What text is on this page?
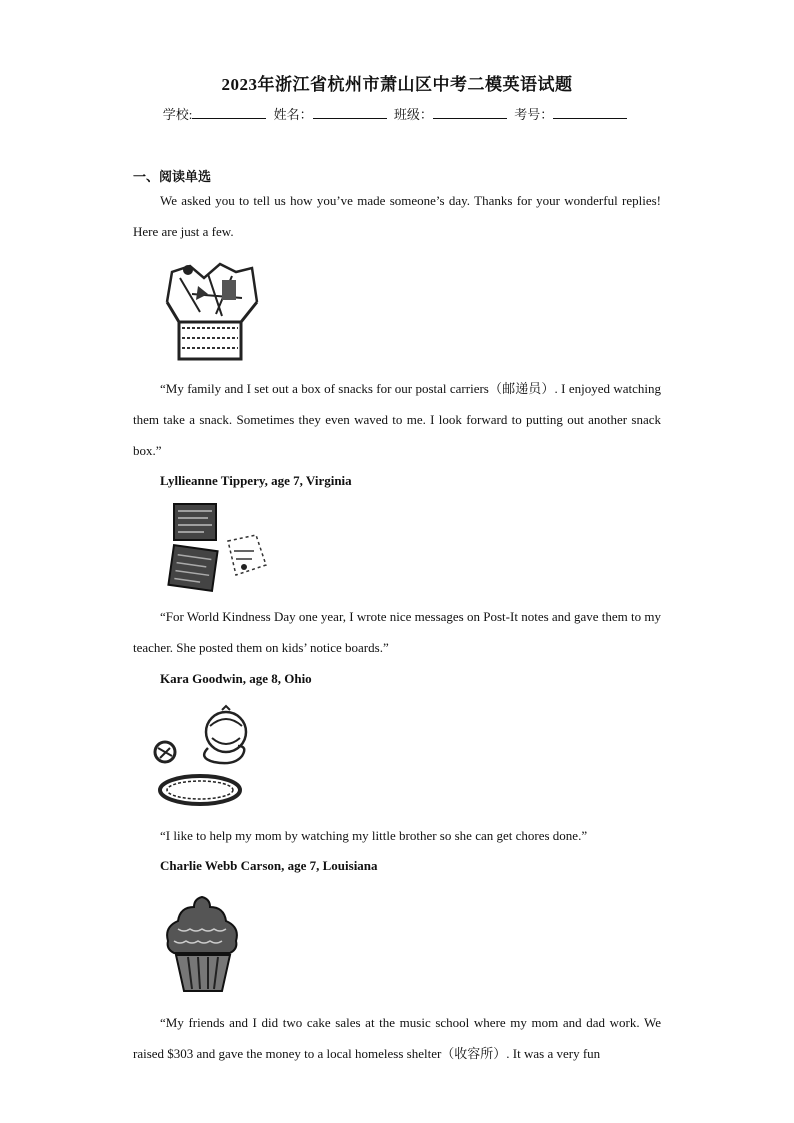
2023年浙江省杭州市萧山区中考二模英语试题
学校:	姓名：	班级：	考号：
一、阅读单选
We asked you to tell us how you’ve made someone’s day. Thanks for your wonderful replies! Here are just a few.
“My family and I set out a box of snacks for our postal carriers（邮递员）. I enjoyed watching them take a snack. Sometimes they even waved to me. I look forward to putting out another snack box.”
Lyllieanne Tippery, age 7, Virginia
“For World Kindness Day one year, I wrote nice messages on Post-It notes and gave them to my teacher. She posted them on kids’ notice boards.”
Kara Goodwin, age 8, Ohio
“I like to help my mom by watching my little brother so she can get chores done.”
Charlie Webb Carson, age 7, Louisiana
“My friends and I did two cake sales at the music school where my mom and dad work. We raised $303 and gave the money to a local homeless shelter（收容所）. It was a very fun
